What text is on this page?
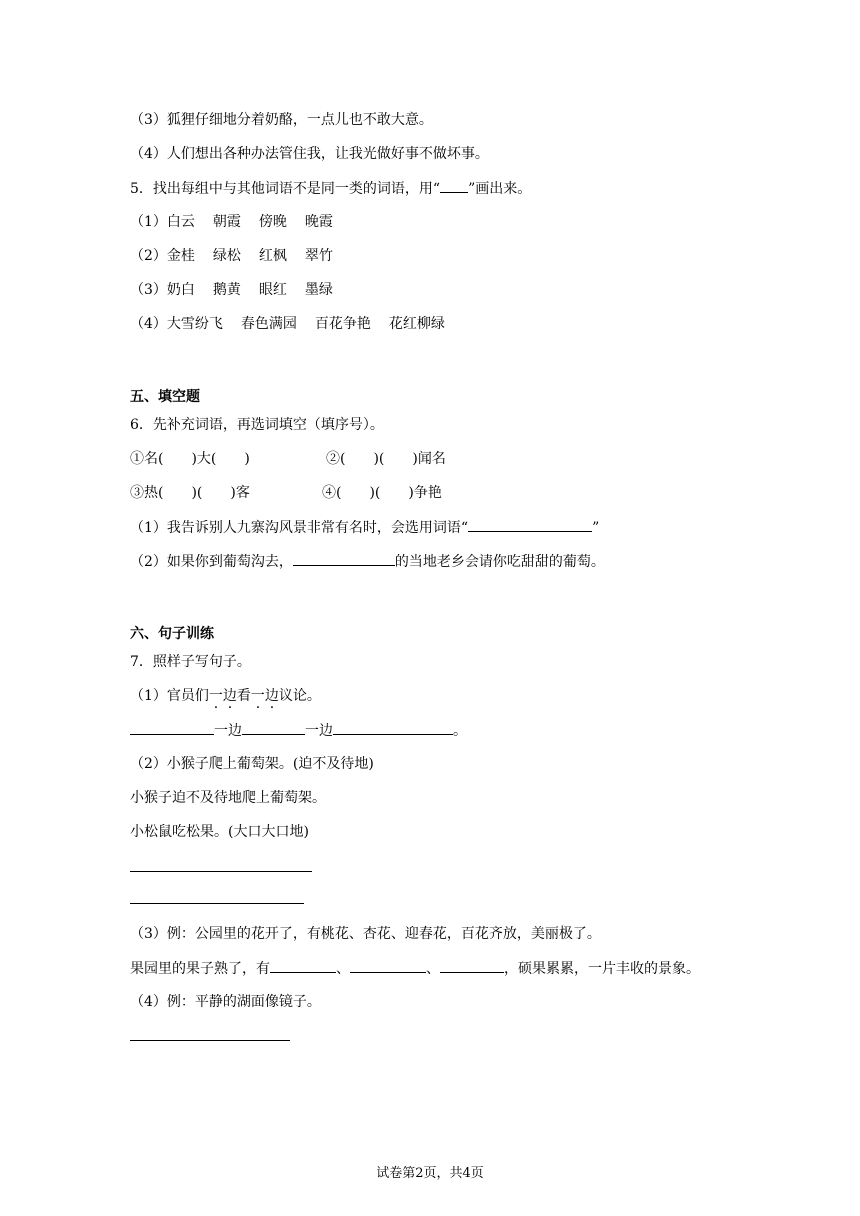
（3）狐狸仔细地分着奶酪，一点儿也不敢大意。
（4）人们想出各种办法管住我，让我光做好事不做坏事。
5．找出每组中与其他词语不是同一类的词语，用“ ”画出来。
（1）白云 朝霞 傍晚 晚霞
（2）金桂 绿松 红枫 翠竹
（3）奶白 鹅黄 眼红 墨绿
（4）大雪纷飞 春色满园 百花争艳 花红柳绿
五、填空题
6．先补充词语，再选词填空（填序号）。
①名(　　)大(　　)	②(　　)(　　)闻名
③热(　　)(　　)客	④(　　)(　　)争艳
（1）我告诉别人九寨沟风景非常有名时，会选用词语“	”
（2）如果你到葡萄沟去，	的当地老乡会请你吃甜甜的葡萄。
六、句子训练
7．照样子写句子。
（1）官员们一边看一边议论。
一边	一边	。
（2）小猴子爬上葡萄架。(迫不及待地)
小猴子迫不及待地爬上葡萄架。
小松鼠吃松果。(大口大口地)
（3）例：公园里的花开了，有桃花、杏花、迎春花，百花齐放，美丽极了。
果园里的果子熟了，有	、	、	，硕果累累，一片丰收的景象。
（4）例：平静的湖面像镜子。
试卷第2页，共4页
